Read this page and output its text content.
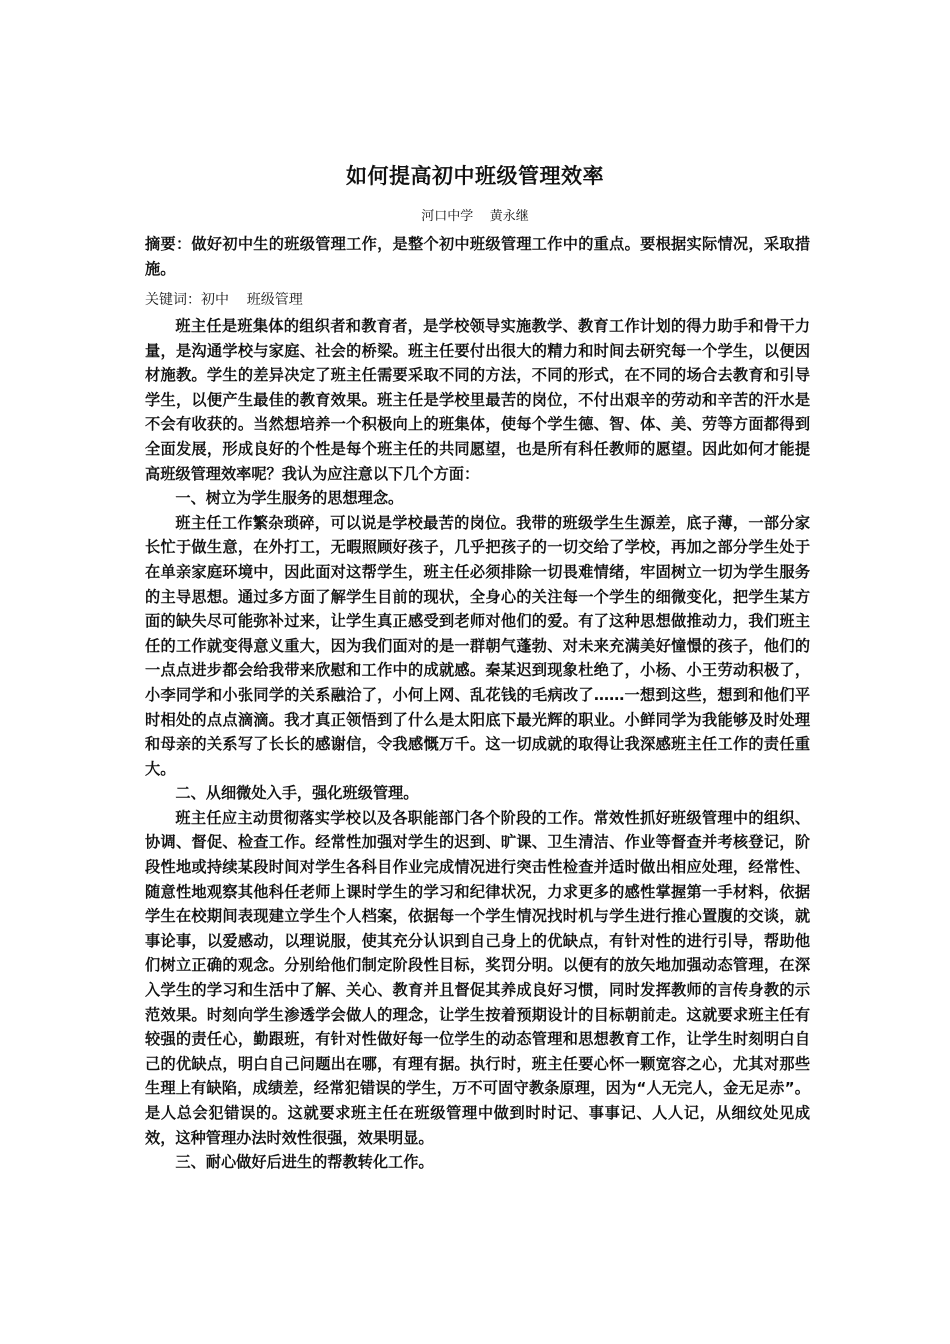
如何提高初中班级管理效率
河口中学    黄永继

摘要：做好初中生的班级管理工作，是整个初中班级管理工作中的重点。要根据实际情况，采取措施。

关键词：初中    班级管理

班主任是班集体的组织者和教育者，是学校领导实施教学、教育工作计划的得力助手和骨干力量，是沟通学校与家庭、社会的桥梁。班主任要付出很大的精力和时间去研究每一个学生，以便因材施教。学生的差异决定了班主任需要采取不同的方法，不同的形式，在不同的场合去教育和引导学生，以便产生最佳的教育效果。班主任是学校里最苦的岗位，不付出艰辛的劳动和辛苦的汗水是不会有收获的。当然想培养一个积极向上的班集体，使每个学生德、智、体、美、劳等方面都得到全面发展，形成良好的个性是每个班主任的共同愿望，也是所有科任教师的愿望。因此如何才能提高班级管理效率呢？我认为应注意以下几个方面：

一、树立为学生服务的思想理念。

班主任工作繁杂琐碎，可以说是学校最苦的岗位。我带的班级学生生源差，底子薄，一部分家长忙于做生意，在外打工，无暇照顾好孩子，几乎把孩子的一切交给了学校，再加之部分学生处于在单亲家庭环境中，因此面对这帮学生，班主任必须排除一切畏难情绪，牢固树立一切为学生服务的主导思想。通过多方面了解学生目前的现状，全身心的关注每一个学生的细微变化，把学生某方面的缺失尽可能弥补过来，让学生真正感受到老师对他们的爱。有了这种思想做推动力，我们班主任的工作就变得意义重大，因为我们面对的是一群朝气蓬勃、对未来充满美好憧憬的孩子，他们的一点点进步都会给我带来欣慰和工作中的成就感。秦某迟到现象杜绝了，小杨、小王劳动积极了，小李同学和小张同学的关系融洽了，小何上网、乱花钱的毛病改了……一想到这些，想到和他们平时相处的点点滴滴。我才真正领悟到了什么是太阳底下最光辉的职业。小鲜同学为我能够及时处理和母亲的关系写了长长的感谢信，令我感慨万千。这一切成就的取得让我深感班主任工作的责任重大。

二、从细微处入手，强化班级管理。

班主任应主动贯彻落实学校以及各职能部门各个阶段的工作。常效性抓好班级管理中的组织、协调、督促、检查工作。经常性加强对学生的迟到、旷课、卫生清洁、作业等督查并考核登记，阶段性地或持续某段时间对学生各科目作业完成情况进行突击性检查并适时做出相应处理，经常性、随意性地观察其他科任老师上课时学生的学习和纪律状况，力求更多的感性掌握第一手材料，依据学生在校期间表现建立学生个人档案，依据每一个学生情况找时机与学生进行推心置腹的交谈，就事论事，以爱感动，以理说服，使其充分认识到自己身上的优缺点，有针对性的进行引导，帮助他们树立正确的观念。分别给他们制定阶段性目标，奖罚分明。以便有的放矢地加强动态管理，在深入学生的学习和生活中了解、关心、教育并且督促其养成良好习惯，同时发挥教师的言传身教的示范效果。时刻向学生渗透学会做人的理念，让学生按着预期设计的目标朝前走。这就要求班主任有较强的责任心，勤跟班，有针对性做好每一位学生的动态管理和思想教育工作，让学生时刻明白自己的优缺点，明白自己问题出在哪，有理有据。执行时，班主任要心怀一颗宽容之心，尤其对那些生理上有缺陷，成绩差，经常犯错误的学生，万不可固守教条原理，因为“人无完人，金无足赤”。是人总会犯错误的。这就要求班主任在班级管理中做到时时记、事事记、人人记，从细纹处见成效，这种管理办法时效性很强，效果明显。

三、耐心做好后进生的帮教转化工作。
